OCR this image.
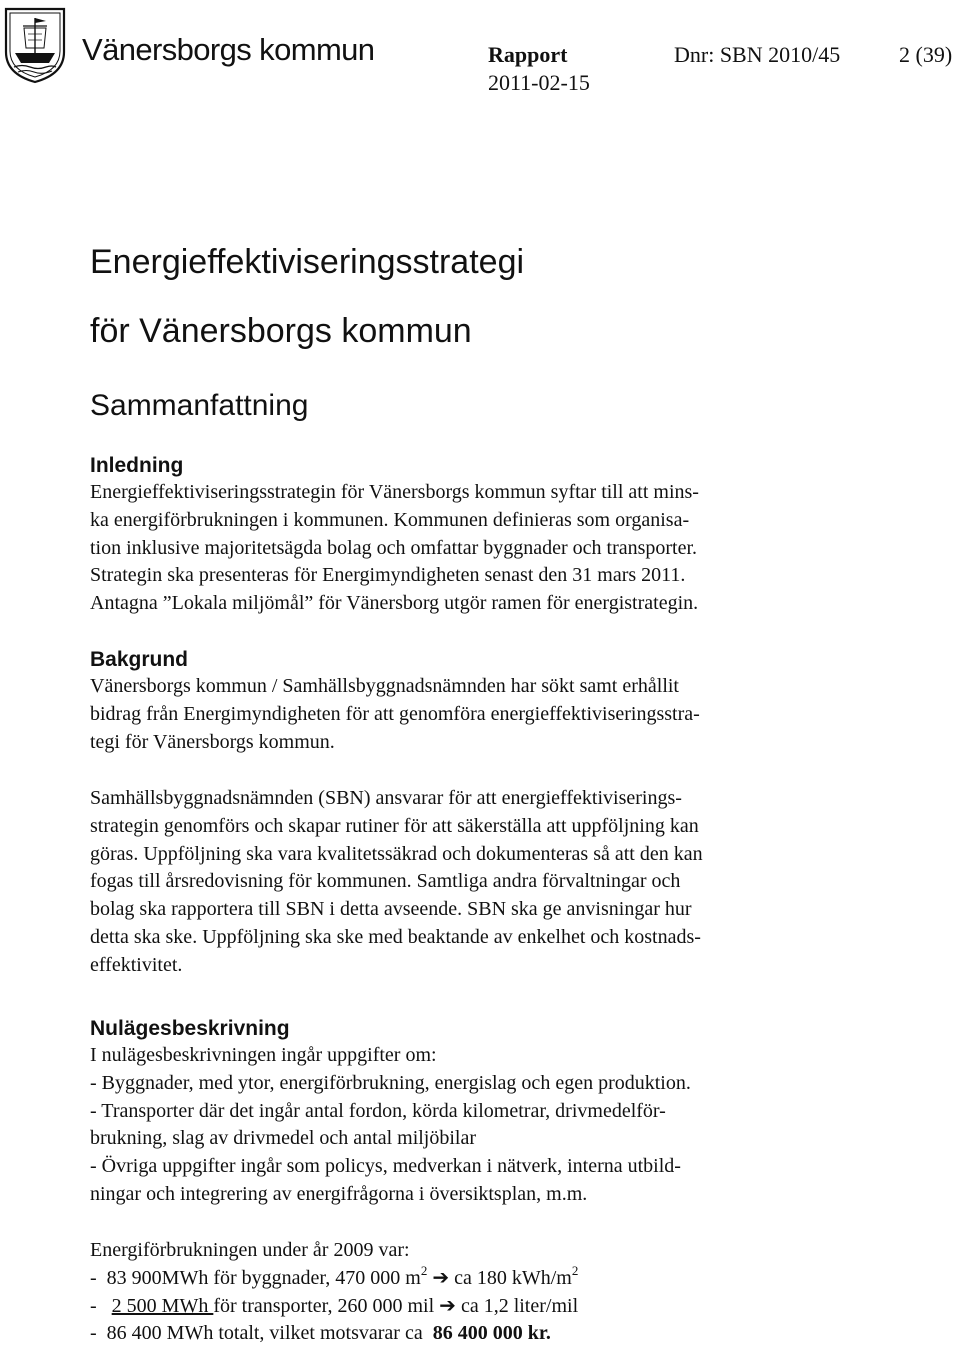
Vänersborgs kommun	Rapport
2011-02-15
Dnr: SBN 2010/45	2 (39)
Energieffektiviseringsstrategi
för Vänersborgs kommun
Sammanfattning
Inledning
Energieffektiviseringsstrategin för Vänersborgs kommun syftar till att mins-
ka energiförbrukningen i kommunen. Kommunen definieras som organisa-
tion inklusive majoritetsägda bolag och omfattar byggnader och transporter.
Strategin ska presenteras för Energimyndigheten senast den 31 mars 2011.
Antagna ”Lokala miljömål” för Vänersborg utgör ramen för energistrategin.
Bakgrund
Vänersborgs kommun / Samhällsbyggnadsnämnden har sökt samt erhållit
bidrag från Energimyndigheten för att genomföra energieffektiviseringsstra-
tegi för Vänersborgs kommun.
Samhällsbyggnadsnämnden (SBN) ansvarar för att energieffektiviserings-
strategin genomförs och skapar rutiner för att säkerställa att uppföljning kan
göras. Uppföljning ska vara kvalitetssäkrad och dokumenteras så att den kan
fogas till årsredovisning för kommunen. Samtliga andra förvaltningar och
bolag ska rapportera till SBN i detta avseende. SBN ska ge anvisningar hur
detta ska ske. Uppföljning ska ske med beaktande av enkelhet och kostnads-
effektivitet.
Nulägesbeskrivning
I nulägesbeskrivningen ingår uppgifter om:
- Byggnader, med ytor, energiförbrukning, energislag och egen produktion.
- Transporter där det ingår antal fordon, körda kilometrar, drivmedelför-
brukning, slag av drivmedel och antal miljöbilar
- Övriga uppgifter ingår som policys, medverkan i nätverk, interna utbild-
ningar och integrering av energifrågorna i översiktsplan, m.m.
Energiförbrukningen under år 2009 var:
- 83 900MWh för byggnader, 470 000 $m^2$ ➔ ca 180 kWh/$m^2$
- 2 500 MWh för transporter, 260 000 mil ➔ ca 1,2 liter/mil
- 86 400 MWh totalt, vilket motsvarar ca 86 400 000 kr.
